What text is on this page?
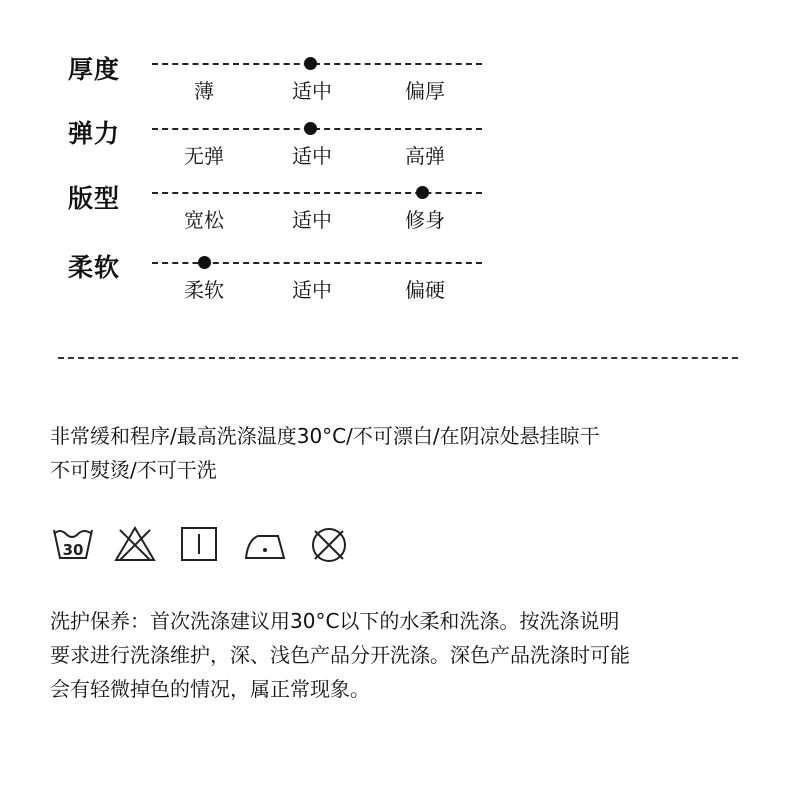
厚度
薄	适中	偏厚
弹力
无弹	适中	高弹
版型
宽松	适中	修身
柔软
柔软	适中	偏硬
非常缓和程序/最高洗涤温度30°C/不可漂白/在阴凉处悬挂晾干
不可熨烫/不可干洗
30
洗护保养：首次洗涤建议用30°C以下的水柔和洗涤。按洗涤说明
要求进行洗涤维护，深、浅色产品分开洗涤。深色产品洗涤时可能
会有轻微掉色的情况，属正常现象。
